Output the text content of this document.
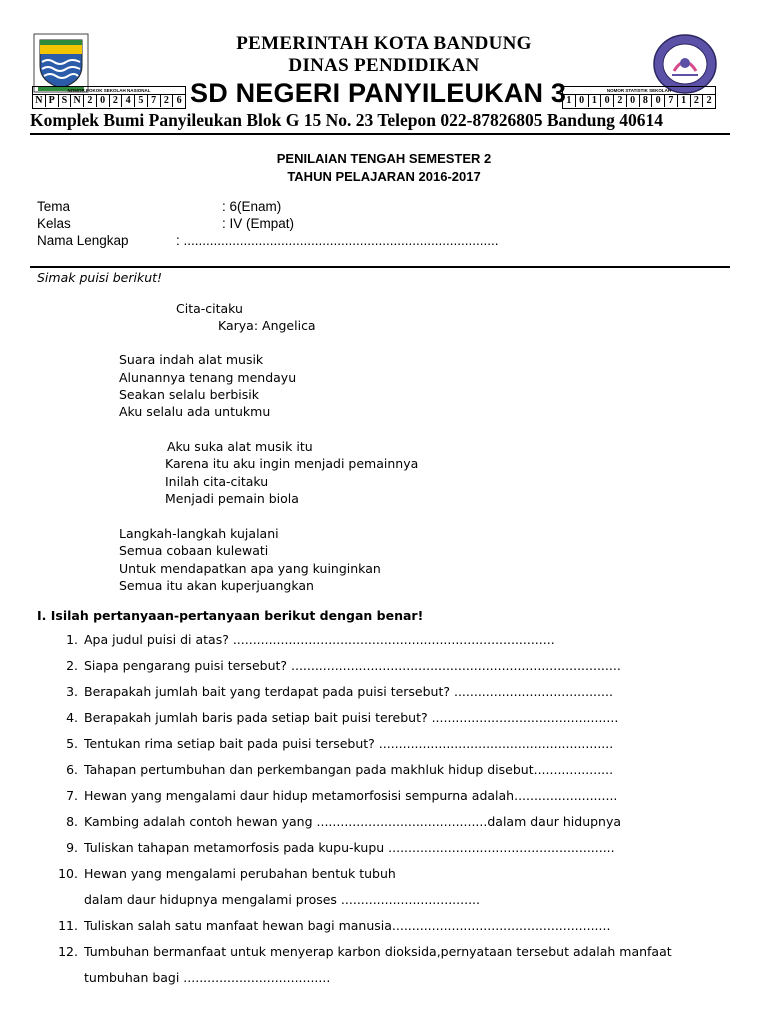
PEMERINTAH KOTA BANDUNG
DINAS PENDIDIKAN
NOMOR POKOK SEKOLAH NASIONAL
N P S N 2 0 2 4 5 7 2 6 SD NEGERI PANYILEUKAN 3	NOMOR STATISTIK SEKOLAH
1 0 1 0 2 0 8 0 7 1 2 2
Komplek Bumi Panyileukan Blok G 15 No. 23 Telepon 022-87826805 Bandung 40614
PENILAIAN TENGAH SEMESTER 2
TAHUN PELAJARAN 2016-2017
Tema	: 6(Enam)
Kelas	: IV (Empat)
Nama Lengkap	: ....................................................................................
Simak puisi berikut!
Cita-citaku
Karya: Angelica
Suara indah alat musik
Alunannya tenang mendayu
Seakan selalu berbisik
Aku selalu ada untukmu
Aku suka alat musik itu
Karena itu aku ingin menjadi pemainnya
Inilah cita-citaku
Menjadi pemain biola
Langkah-langkah kujalani
Semua cobaan kulewati
Untuk mendapatkan apa yang kuinginkan
Semua itu akan kuperjuangkan
I. Isilah pertanyaan-pertanyaan berikut dengan benar!
1. Apa judul puisi di atas? .................................................................................
2. Siapa pengarang puisi tersebut? ...................................................................................
3. Berapakah jumlah bait yang terdapat pada puisi tersebut? ........................................
4. Berapakah jumlah baris pada setiap bait puisi terebut? ...............................................
5. Tentukan rima setiap bait pada puisi tersebut? ...........................................................
6. Tahapan pertumbuhan dan perkembangan pada makhluk hidup disebut....................
7. Hewan yang mengalami daur hidup metamorfosisi sempurna adalah..........................
8. Kambing adalah contoh hewan yang ...........................................dalam daur hidupnya
9. Tuliskan tahapan metamorfosis pada kupu-kupu .........................................................
10. Hewan yang mengalami perubahan bentuk tubuh
dalam daur hidupnya mengalami proses ...................................
11. Tuliskan salah satu manfaat hewan bagi manusia.......................................................
12. Tumbuhan bermanfaat untuk menyerap karbon dioksida,pernyataan tersebut adalah manfaat
tumbuhan bagi .....................................
